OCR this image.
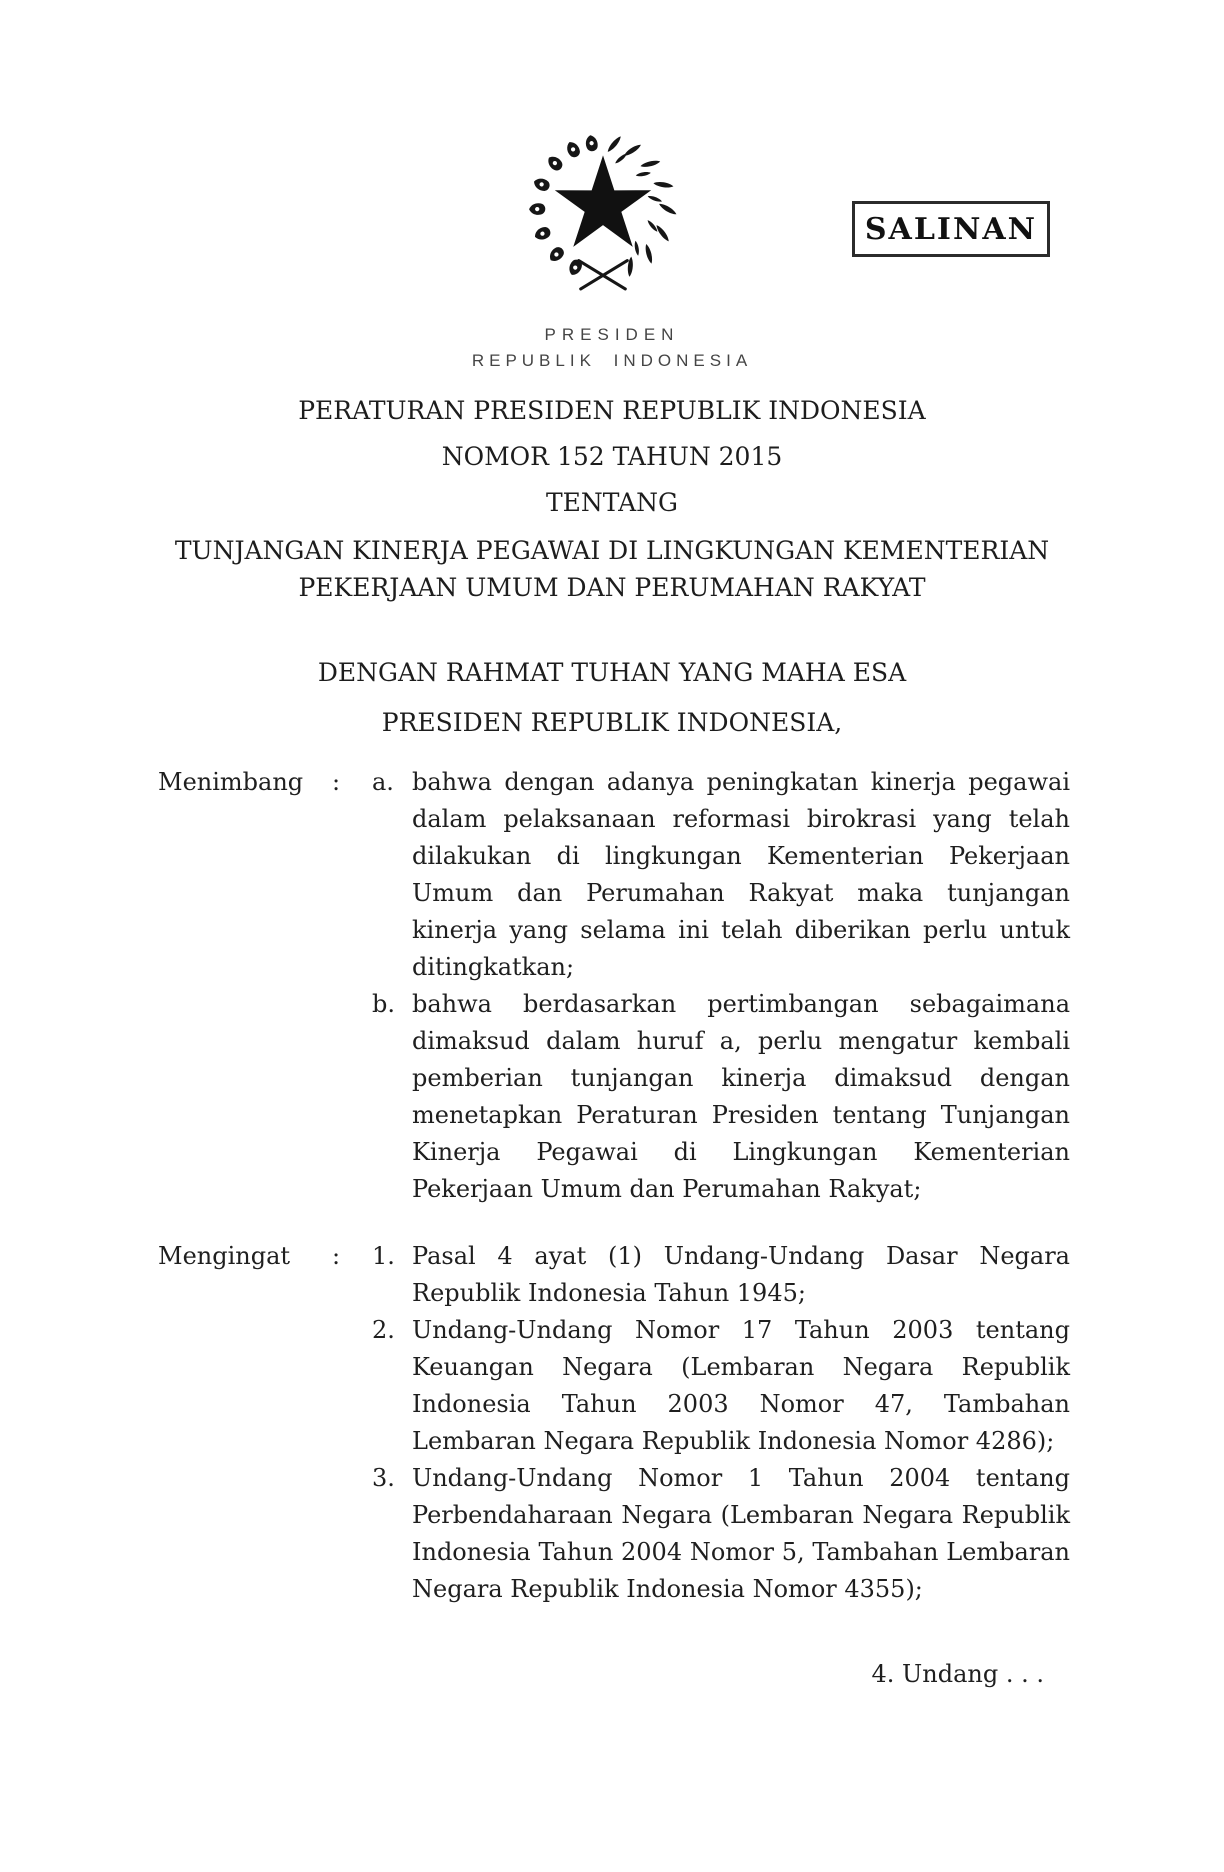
SALINAN
PRESIDEN
REPUBLIK INDONESIA
PERATURAN PRESIDEN REPUBLIK INDONESIA
NOMOR 152 TAHUN 2015
TENTANG
TUNJANGAN KINERJA PEGAWAI DI LINGKUNGAN KEMENTERIAN
PEKERJAAN UMUM DAN PERUMAHAN RAKYAT
DENGAN RAHMAT TUHAN YANG MAHA ESA
PRESIDEN REPUBLIK INDONESIA,
Menimbang	:	a. bahwa dengan adanya peningkatan kinerja pegawai dalam pelaksanaan reformasi birokrasi yang telah dilakukan di lingkungan Kementerian Pekerjaan Umum dan Perumahan Rakyat maka tunjangan kinerja yang selama ini telah diberikan perlu untuk ditingkatkan;
b. bahwa berdasarkan pertimbangan sebagaimana dimaksud dalam huruf a, perlu mengatur kembali pemberian tunjangan kinerja dimaksud dengan menetapkan Peraturan Presiden tentang Tunjangan Kinerja Pegawai di Lingkungan Kementerian Pekerjaan Umum dan Perumahan Rakyat;
Mengingat	:	1. Pasal 4 ayat (1) Undang-Undang Dasar Negara Republik Indonesia Tahun 1945;
2. Undang-Undang Nomor 17 Tahun 2003 tentang Keuangan Negara (Lembaran Negara Republik Indonesia Tahun 2003 Nomor 47, Tambahan Lembaran Negara Republik Indonesia Nomor 4286);
3. Undang-Undang Nomor 1 Tahun 2004 tentang Perbendaharaan Negara (Lembaran Negara Republik Indonesia Tahun 2004 Nomor 5, Tambahan Lembaran Negara Republik Indonesia Nomor 4355);
4. Undang . . .
